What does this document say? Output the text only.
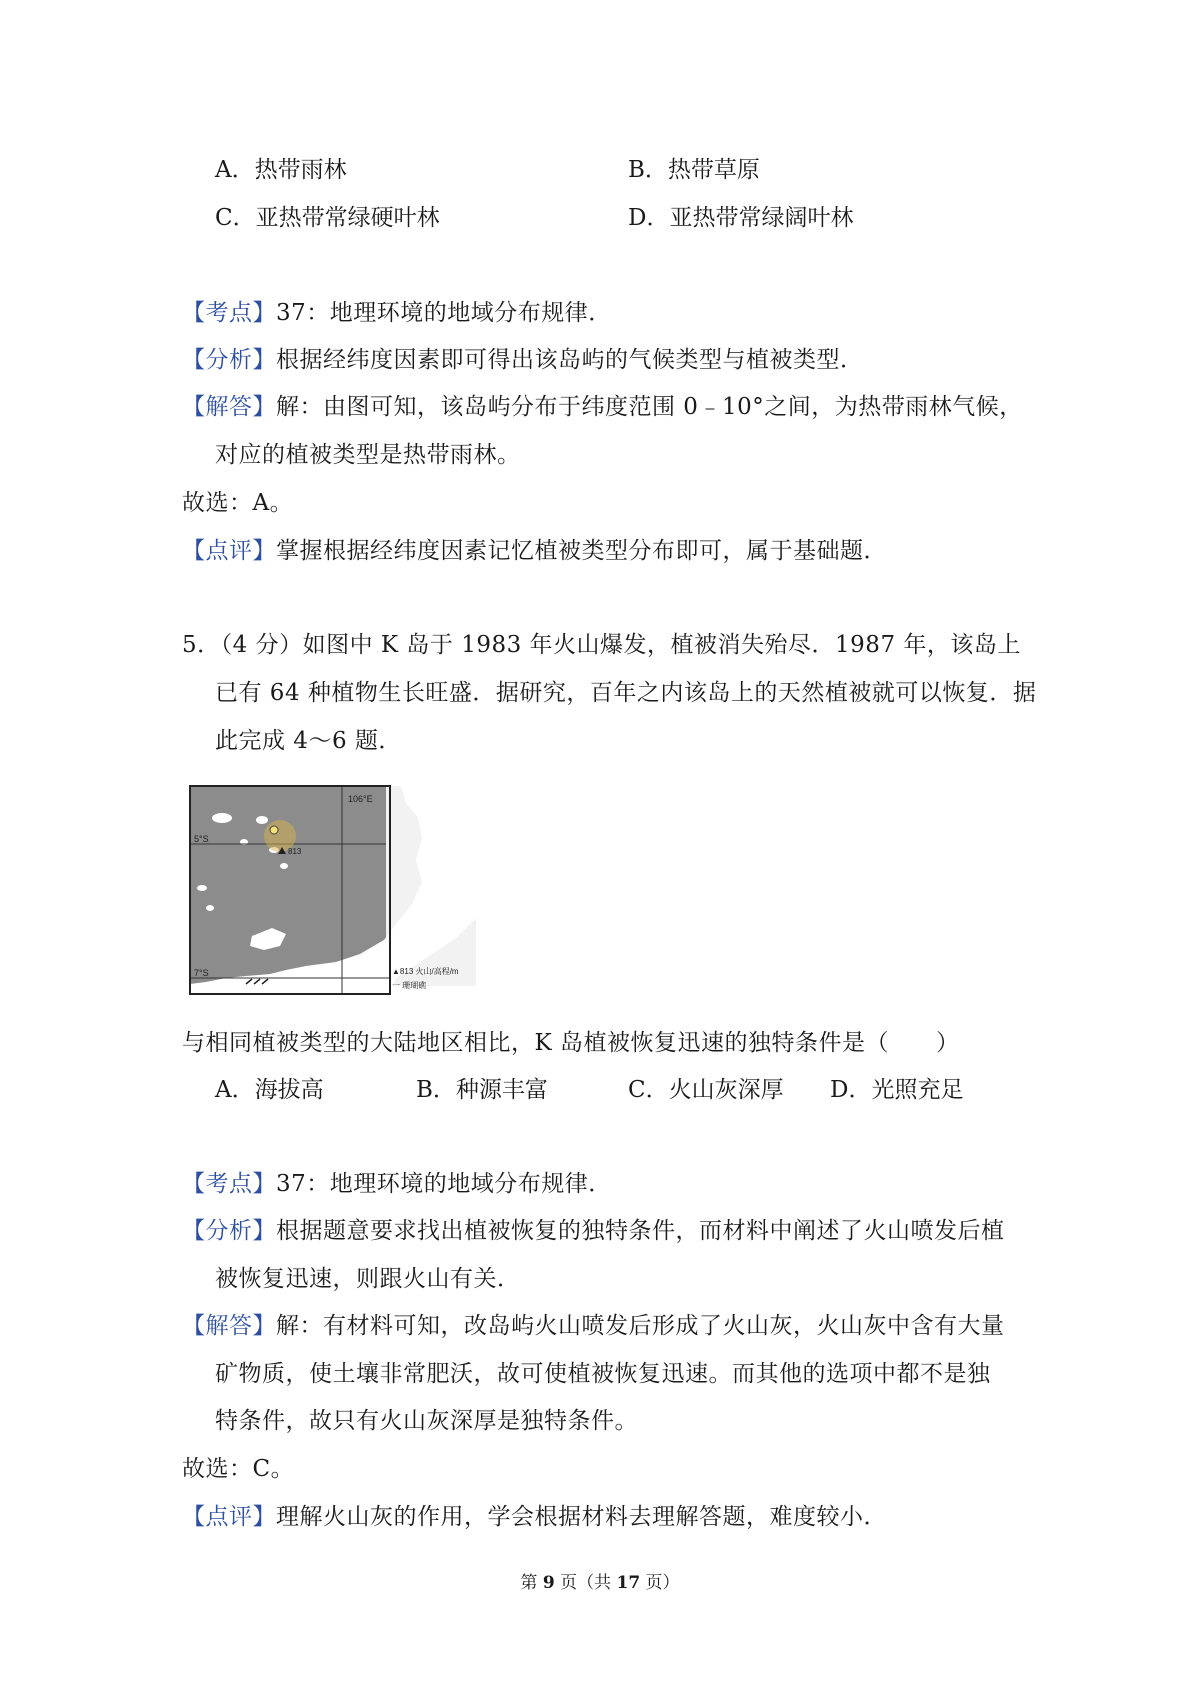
A．热带雨林	B．热带草原
C．亚热带常绿硬叶林	D．亚热带常绿阔叶林
【考点】37：地理环境的地域分布规律．
【分析】根据经纬度因素即可得出该岛屿的气候类型与植被类型．
【解答】解：由图可知，该岛屿分布于纬度范围 0﹣10°之间，为热带雨林气候，
对应的植被类型是热带雨林。
故选：A。
【点评】掌握根据经纬度因素记忆植被类型分布即可，属于基础题．
5．（4 分）如图中 K 岛于 1983 年火山爆发，植被消失殆尽．1987 年，该岛上
已有 64 种植物生长旺盛．据研究，百年之内该岛上的天然植被就可以恢复．据
此完成 4～6 题．
106°E
5°S
7°S
813
▲813 火山/高程/m
一 珊瑚礁
与相同植被类型的大陆地区相比，K 岛植被恢复迅速的独特条件是（　　）
A．海拔高	B．种源丰富	C．火山灰深厚 D．光照充足
【考点】37：地理环境的地域分布规律．
【分析】根据题意要求找出植被恢复的独特条件，而材料中阐述了火山喷发后植
被恢复迅速，则跟火山有关．
【解答】解：有材料可知，改岛屿火山喷发后形成了火山灰，火山灰中含有大量
矿物质，使土壤非常肥沃，故可使植被恢复迅速。而其他的选项中都不是独
特条件，故只有火山灰深厚是独特条件。
故选：C。
【点评】理解火山灰的作用，学会根据材料去理解答题，难度较小．
第 9 页（共 17 页）
